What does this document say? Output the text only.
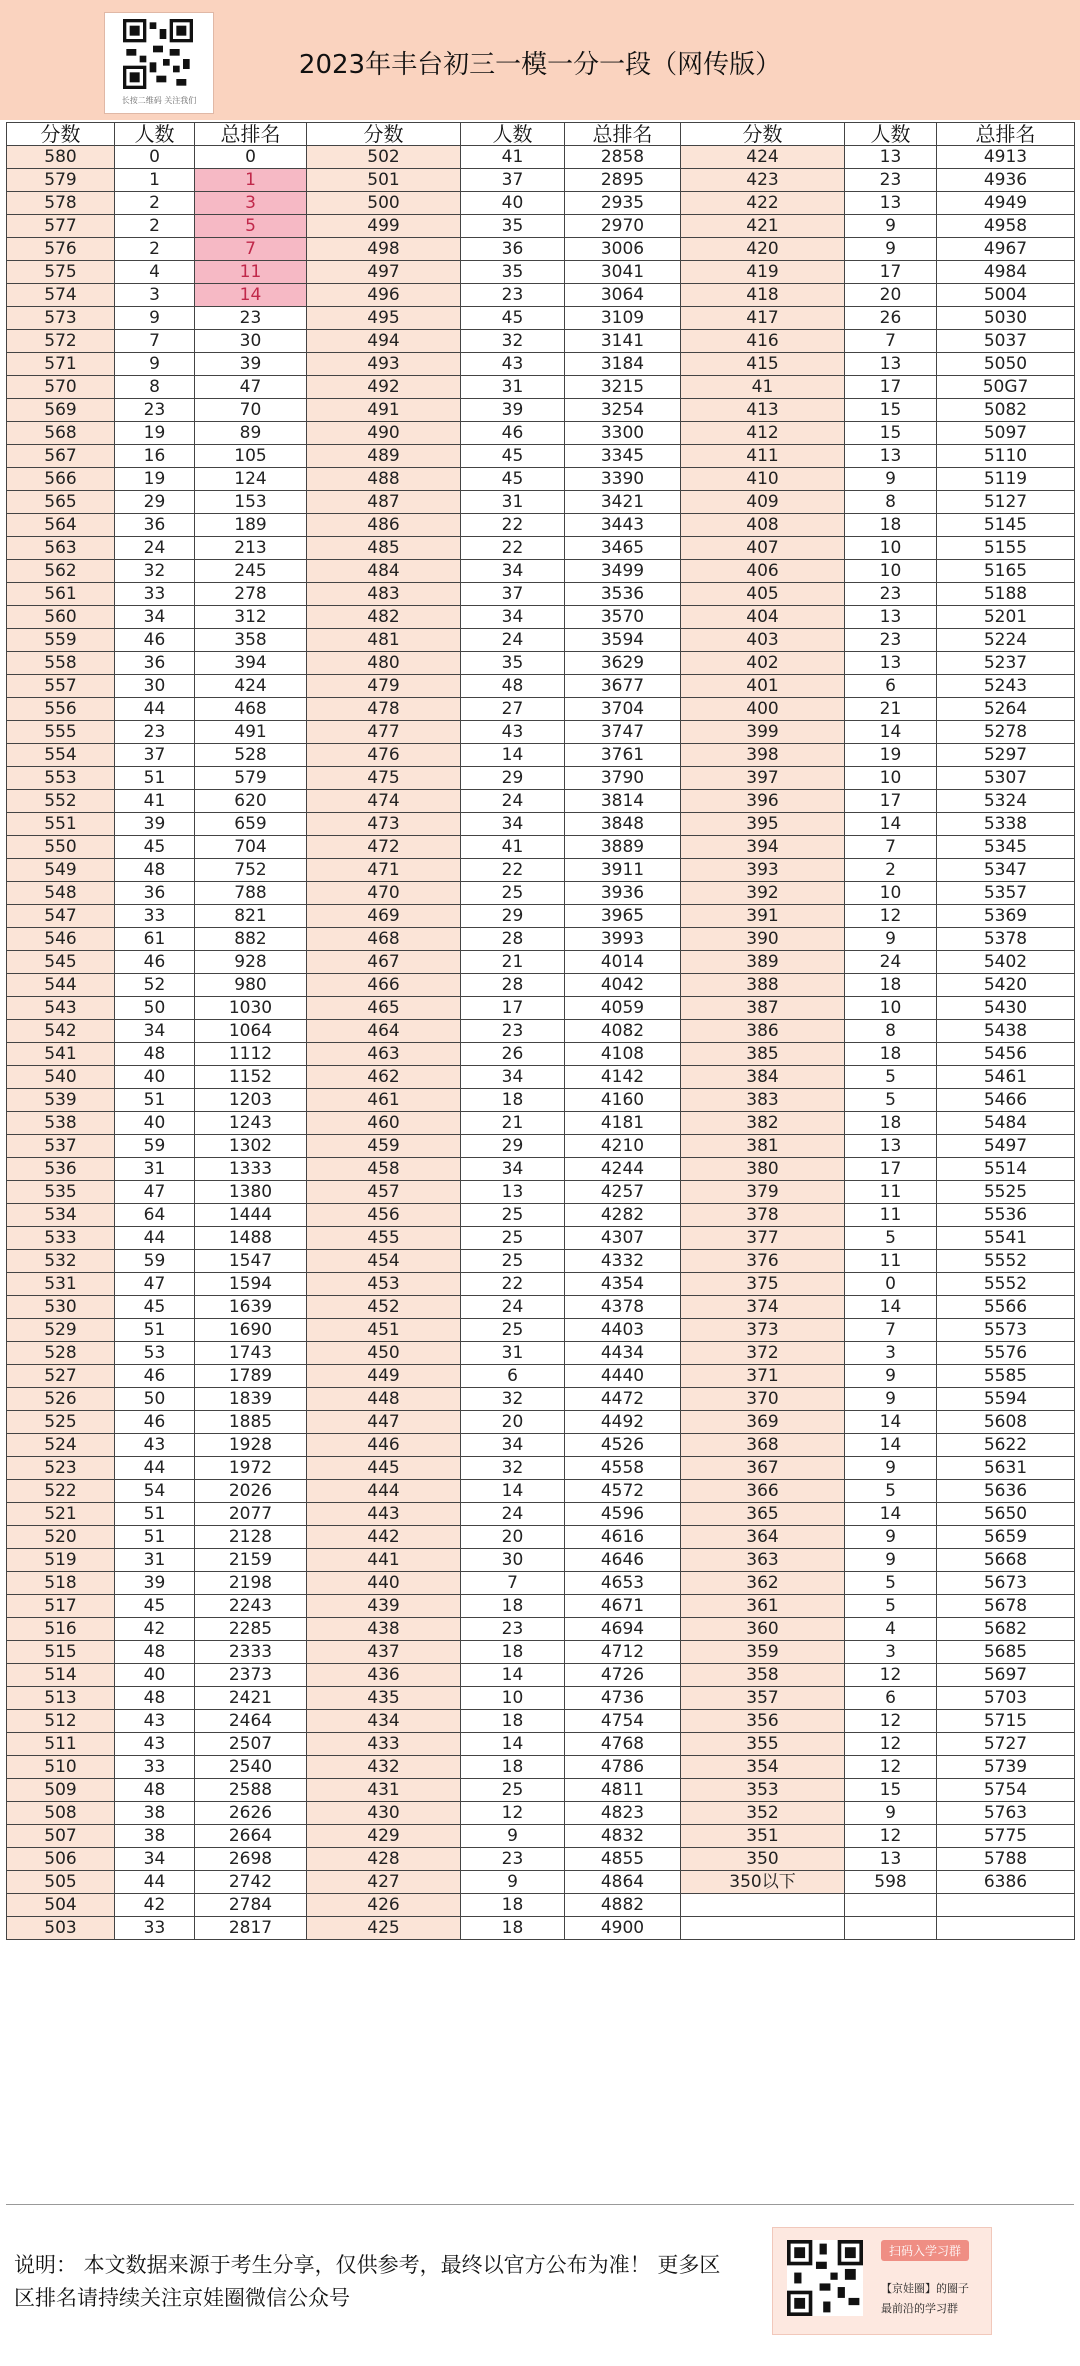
长按二维码 关注我们
2023年丰台初三一模一分一段（网传版）
分数	人数	总排名	分数	人数	总排名	分数	人数	总排名
580	0	0	502	41	2858	424	13	4913
579	1	1	501	37	2895	423	23	4936
578	2	3	500	40	2935	422	13	4949
577	2	5	499	35	2970	421	9	4958
576	2	7	498	36	3006	420	9	4967
575	4	11	497	35	3041	419	17	4984
574	3	14	496	23	3064	418	20	5004
573	9	23	495	45	3109	417	26	5030
572	7	30	494	32	3141	416	7	5037
571	9	39	493	43	3184	415	13	5050
570	8	47	492	31	3215	41	17	50G7
569	23	70	491	39	3254	413	15	5082
568	19	89	490	46	3300	412	15	5097
567	16	105	489	45	3345	411	13	5110
566	19	124	488	45	3390	410	9	5119
565	29	153	487	31	3421	409	8	5127
564	36	189	486	22	3443	408	18	5145
563	24	213	485	22	3465	407	10	5155
562	32	245	484	34	3499	406	10	5165
561	33	278	483	37	3536	405	23	5188
560	34	312	482	34	3570	404	13	5201
559	46	358	481	24	3594	403	23	5224
558	36	394	480	35	3629	402	13	5237
557	30	424	479	48	3677	401	6	5243
556	44	468	478	27	3704	400	21	5264
555	23	491	477	43	3747	399	14	5278
554	37	528	476	14	3761	398	19	5297
553	51	579	475	29	3790	397	10	5307
552	41	620	474	24	3814	396	17	5324
551	39	659	473	34	3848	395	14	5338
550	45	704	472	41	3889	394	7	5345
549	48	752	471	22	3911	393	2	5347
548	36	788	470	25	3936	392	10	5357
547	33	821	469	29	3965	391	12	5369
546	61	882	468	28	3993	390	9	5378
545	46	928	467	21	4014	389	24	5402
544	52	980	466	28	4042	388	18	5420
543	50	1030	465	17	4059	387	10	5430
542	34	1064	464	23	4082	386	8	5438
541	48	1112	463	26	4108	385	18	5456
540	40	1152	462	34	4142	384	5	5461
539	51	1203	461	18	4160	383	5	5466
538	40	1243	460	21	4181	382	18	5484
537	59	1302	459	29	4210	381	13	5497
536	31	1333	458	34	4244	380	17	5514
535	47	1380	457	13	4257	379	11	5525
534	64	1444	456	25	4282	378	11	5536
533	44	1488	455	25	4307	377	5	5541
532	59	1547	454	25	4332	376	11	5552
531	47	1594	453	22	4354	375	0	5552
530	45	1639	452	24	4378	374	14	5566
529	51	1690	451	25	4403	373	7	5573
528	53	1743	450	31	4434	372	3	5576
527	46	1789	449	6	4440	371	9	5585
526	50	1839	448	32	4472	370	9	5594
525	46	1885	447	20	4492	369	14	5608
524	43	1928	446	34	4526	368	14	5622
523	44	1972	445	32	4558	367	9	5631
522	54	2026	444	14	4572	366	5	5636
521	51	2077	443	24	4596	365	14	5650
520	51	2128	442	20	4616	364	9	5659
519	31	2159	441	30	4646	363	9	5668
518	39	2198	440	7	4653	362	5	5673
517	45	2243	439	18	4671	361	5	5678
516	42	2285	438	23	4694	360	4	5682
515	48	2333	437	18	4712	359	3	5685
514	40	2373	436	14	4726	358	12	5697
513	48	2421	435	10	4736	357	6	5703
512	43	2464	434	18	4754	356	12	5715
511	43	2507	433	14	4768	355	12	5727
510	33	2540	432	18	4786	354	12	5739
509	48	2588	431	25	4811	353	15	5754
508	38	2626	430	12	4823	352	9	5763
507	38	2664	429	9	4832	351	12	5775
506	34	2698	428	23	4855	350	13	5788
505	44	2742	427	9	4864	350以下	598	6386
504	42	2784	426	18	4882			
503	33	2817	425	18	4900			
说明： 本文数据来源于考生分享，仅供参考，最终以官方公布为准！ 更多区区排名请持续关注京娃圈微信公众号
扫码入学习群
【京娃圈】的圈子
最前沿的学习群
